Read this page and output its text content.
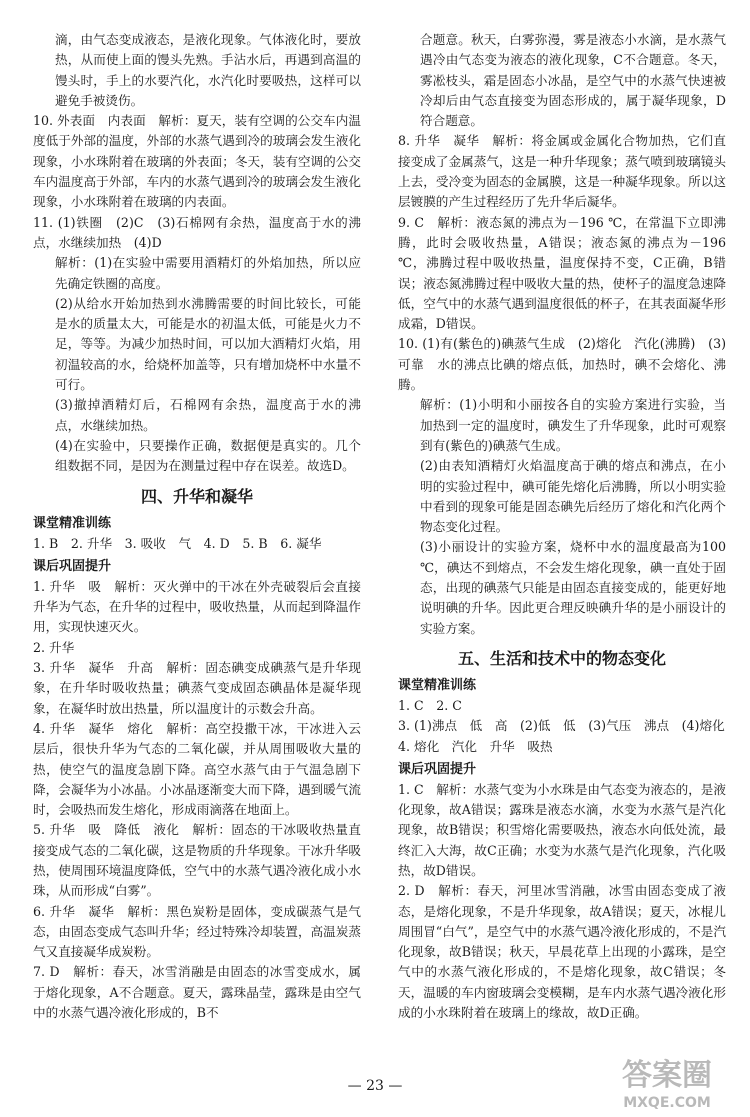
滴，由气态变成液态，是液化现象。气体液化时，要放热，从而使上面的馒头先熟。手沾水后，再遇到高温的馒头时，手上的水要汽化，水汽化时要吸热，这样可以避免手被烫伤。
10. 外表面　内表面　解析：夏天，装有空调的公交车内温度低于外部的温度，外部的水蒸气遇到冷的玻璃会发生液化现象，小水珠附着在玻璃的外表面；冬天，装有空调的公交车内温度高于外部，车内的水蒸气遇到冷的玻璃会发生液化现象，小水珠附着在玻璃的内表面。
11. (1)铁圈　(2)C　(3)石棉网有余热，温度高于水的沸点，水继续加热　(4)D
解析：(1)在实验中需要用酒精灯的外焰加热，所以应先确定铁圈的高度。
(2)从给水开始加热到水沸腾需要的时间比较长，可能是水的质量太大，可能是水的初温太低，可能是火力不足，等等。为减少加热时间，可以加大酒精灯火焰，用初温较高的水，给烧杯加盖等，只有增加烧杯中水量不可行。
(3)撤掉酒精灯后，石棉网有余热，温度高于水的沸点，水继续加热。
(4)在实验中，只要操作正确，数据便是真实的。几个组数据不同，是因为在测量过程中存在误差。故选D。
四、升华和凝华
课堂精准训练
1. B　2. 升华　3. 吸收　气　4. D　5. B　6. 凝华
课后巩固提升
1. 升华　吸　解析：灭火弹中的干冰在外壳破裂后会直接升华为气态，在升华的过程中，吸收热量，从而起到降温作用，实现快速灭火。
2. 升华
3. 升华　凝华　升高　解析：固态碘变成碘蒸气是升华现象，在升华时吸收热量；碘蒸气变成固态碘晶体是凝华现象，在凝华时放出热量，所以温度计的示数会升高。
4. 升华　凝华　熔化　解析：高空投撒干冰，干冰进入云层后，很快升华为气态的二氧化碳，并从周围吸收大量的热，使空气的温度急剧下降。高空水蒸气由于气温急剧下降，会凝华为小冰晶。小冰晶逐渐变大而下降，遇到暖气流时，会吸热而发生熔化，形成雨滴落在地面上。
5. 升华　吸　降低　液化　解析：固态的干冰吸收热量直接变成气态的二氧化碳，这是物质的升华现象。干冰升华吸热，使周围环境温度降低，空气中的水蒸气遇冷液化成小水珠，从而形成“白雾”。
6. 升华　凝华　解析：黑色炭粉是固体，变成碳蒸气是气态，由固态变成气态叫升华；经过特殊冷却装置，高温炭蒸气又直接凝华成炭粉。
7. D　解析：春天，冰雪消融是由固态的冰雪变成水，属于熔化现象，A不合题意。夏天，露珠晶莹，露珠是由空气中的水蒸气遇冷液化形成的，B不
合题意。秋天，白雾弥漫，雾是液态小水滴，是水蒸气遇冷由气态变为液态的液化现象，C不合题意。冬天，雾凇枝头，霜是固态小冰晶，是空气中的水蒸气快速被冷却后由气态直接变为固态形成的，属于凝华现象，D符合题意。
8. 升华　凝华　解析：将金属或金属化合物加热，它们直接变成了金属蒸气，这是一种升华现象；蒸气喷到玻璃镜头上去，受冷变为固态的金属膜，这是一种凝华现象。所以这层镀膜的产生过程经历了先升华后凝华。
9. C　解析：液态氮的沸点为－196 ℃，在常温下立即沸腾，此时会吸收热量，A错误；液态氮的沸点为－196 ℃，沸腾过程中吸收热量，温度保持不变，C正确，B错误；液态氮沸腾过程中吸收大量的热，使杯子的温度急速降低，空气中的水蒸气遇到温度很低的杯子，在其表面凝华形成霜，D错误。
10. (1)有(紫色的)碘蒸气生成　(2)熔化　汽化(沸腾)　(3)可靠　水的沸点比碘的熔点低，加热时，碘不会熔化、沸腾。
解析：(1)小明和小丽按各自的实验方案进行实验，当加热到一定的温度时，碘发生了升华现象，此时可观察到有(紫色的)碘蒸气生成。
(2)由表知酒精灯火焰温度高于碘的熔点和沸点，在小明的实验过程中，碘可能先熔化后沸腾，所以小明实验中看到的现象可能是固态碘先后经历了熔化和汽化两个物态变化过程。
(3)小丽设计的实验方案，烧杯中水的温度最高为100 ℃，碘达不到熔点，不会发生熔化现象，碘一直处于固态，出现的碘蒸气只能是由固态直接变成的，能更好地说明碘的升华。因此更合理反映碘升华的是小丽设计的实验方案。
五、生活和技术中的物态变化
课堂精准训练
1. C　2. C
3. (1)沸点　低　高　(2)低　低　(3)气压　沸点　(4)熔化
4. 熔化　汽化　升华　吸热
课后巩固提升
1. C　解析：水蒸气变为小水珠是由气态变为液态的，是液化现象，故A错误；露珠是液态水滴，水变为水蒸气是汽化现象，故B错误；积雪熔化需要吸热，液态水向低处流，最终汇入大海，故C正确；水变为水蒸气是汽化现象，汽化吸热，故D错误。
2. D　解析：春天，河里冰雪消融，冰雪由固态变成了液态，是熔化现象，不是升华现象，故A错误；夏天，冰棍儿周围冒“白气”，是空气中的水蒸气遇冷液化形成的，不是汽化现象，故B错误；秋天，早晨花草上出现的小露珠，是空气中的水蒸气液化形成的，不是熔化现象，故C错误；冬天，温暖的车内窗玻璃会变模糊，是车内水蒸气遇冷液化形成的小水珠附着在玻璃上的缘故，故D正确。
— 23 —	答案圈
MXQE.COM
